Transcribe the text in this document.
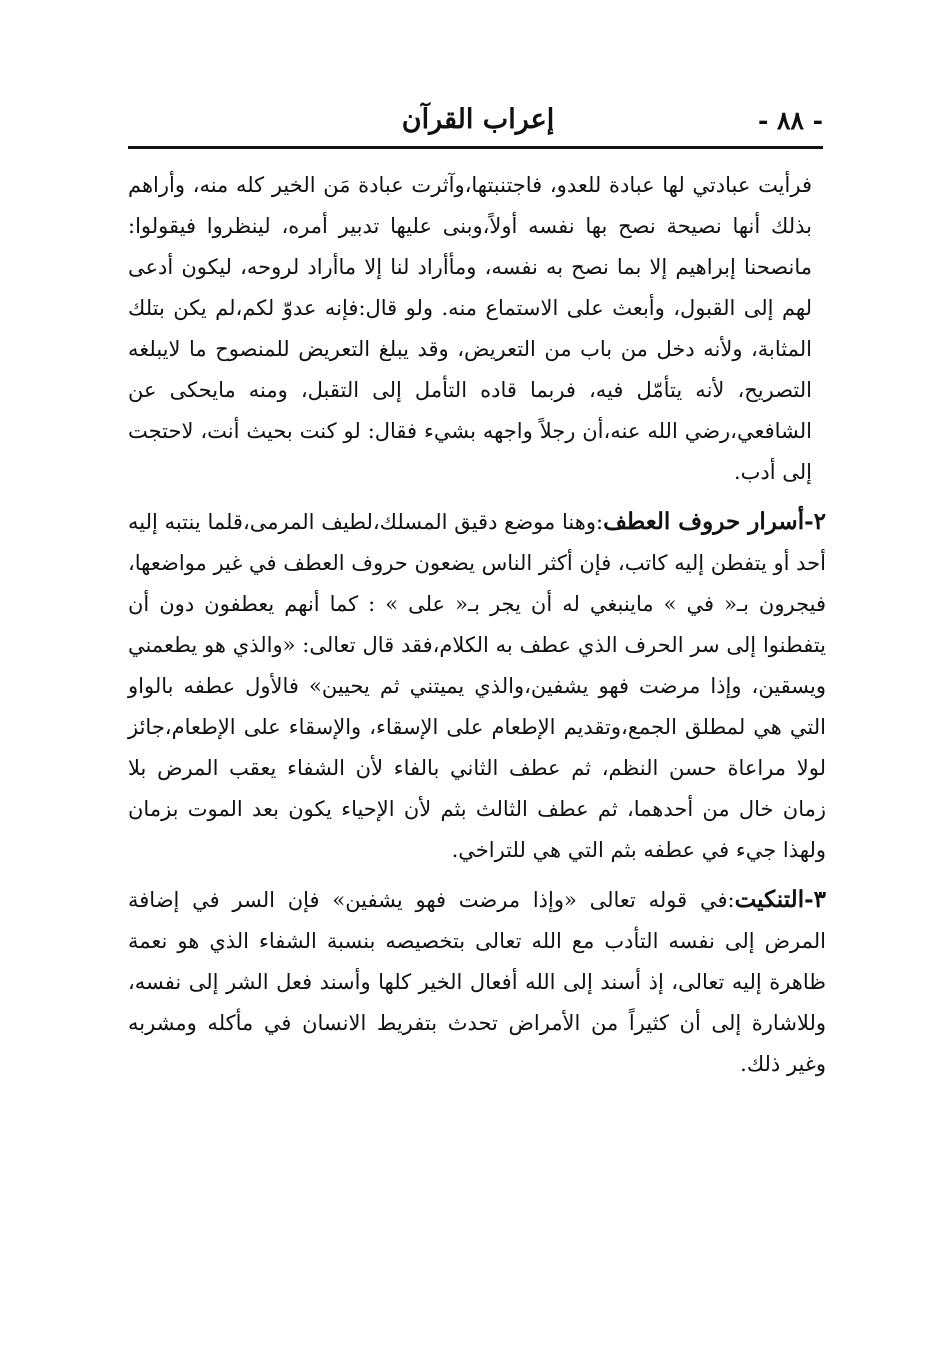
إعراب القرآن	- ٨٨ -

فرأيت عبادتي لها عبادة للعدو، فاجتنبتها،وآثرت عبادة مَن الخير كله منه، وأراهم بذلك أنها نصيحة نصح بها نفسه أولاً،وبنى عليها تدبير أمره، لينظروا فيقولوا: مانصحنا إبراهيم إلا بما نصح به نفسه، ومأأراد لنا إلا ماأراد لروحه، ليكون أدعى لهم إلى القبول، وأبعث على الاستماع منه. ولو قال:فإنه عدوّ لكم،لم يكن بتلك المثابة، ولأنه دخل من باب من التعريض، وقد يبلغ التعريض للمنصوح ما لايبلغه التصريح، لأنه يتأمّل فيه، فربما قاده التأمل إلى التقبل، ومنه مايحكى عن الشافعي،رضي الله عنه،أن رجلاً واجهه بشيء فقال: لو كنت بحيث أنت، لاحتجت إلى أدب.

٢-أسرار حروف العطف:وهنا موضع دقيق المسلك،لطيف المرمى،قلما ينتبه إليه أحد أو يتفطن إليه كاتب، فإن أكثر الناس يضعون حروف العطف في غير مواضعها، فيجرون بـ« في » ماينبغي له أن يجر بـ« على » : كما أنهم يعطفون دون أن يتفطنوا إلى سر الحرف الذي عطف به الكلام،فقد قال تعالى: «والذي هو يطعمني ويسقين، وإذا مرضت فهو يشفين،والذي يميتني ثم يحيين» فالأول عطفه بالواو التي هي لمطلق الجمع،وتقديم الإطعام على الإسقاء، والإسقاء على الإطعام،جائز لولا مراعاة حسن النظم، ثم عطف الثاني بالفاء لأن الشفاء يعقب المرض بلا زمان خال من أحدهما، ثم عطف الثالث بثم لأن الإحياء يكون بعد الموت بزمان ولهذا جيء في عطفه بثم التي هي للتراخي.

٣-التنكيت:في قوله تعالى «وإذا مرضت فهو يشفين» فإن السر في إضافة المرض إلى نفسه التأدب مع الله تعالى بتخصيصه بنسبة الشفاء الذي هو نعمة ظاهرة إليه تعالى، إذ أسند إلى الله أفعال الخير كلها وأسند فعل الشر إلى نفسه، وللاشارة إلى أن كثيراً من الأمراض تحدث بتفريط الانسان في مأكله ومشربه وغير ذلك.
